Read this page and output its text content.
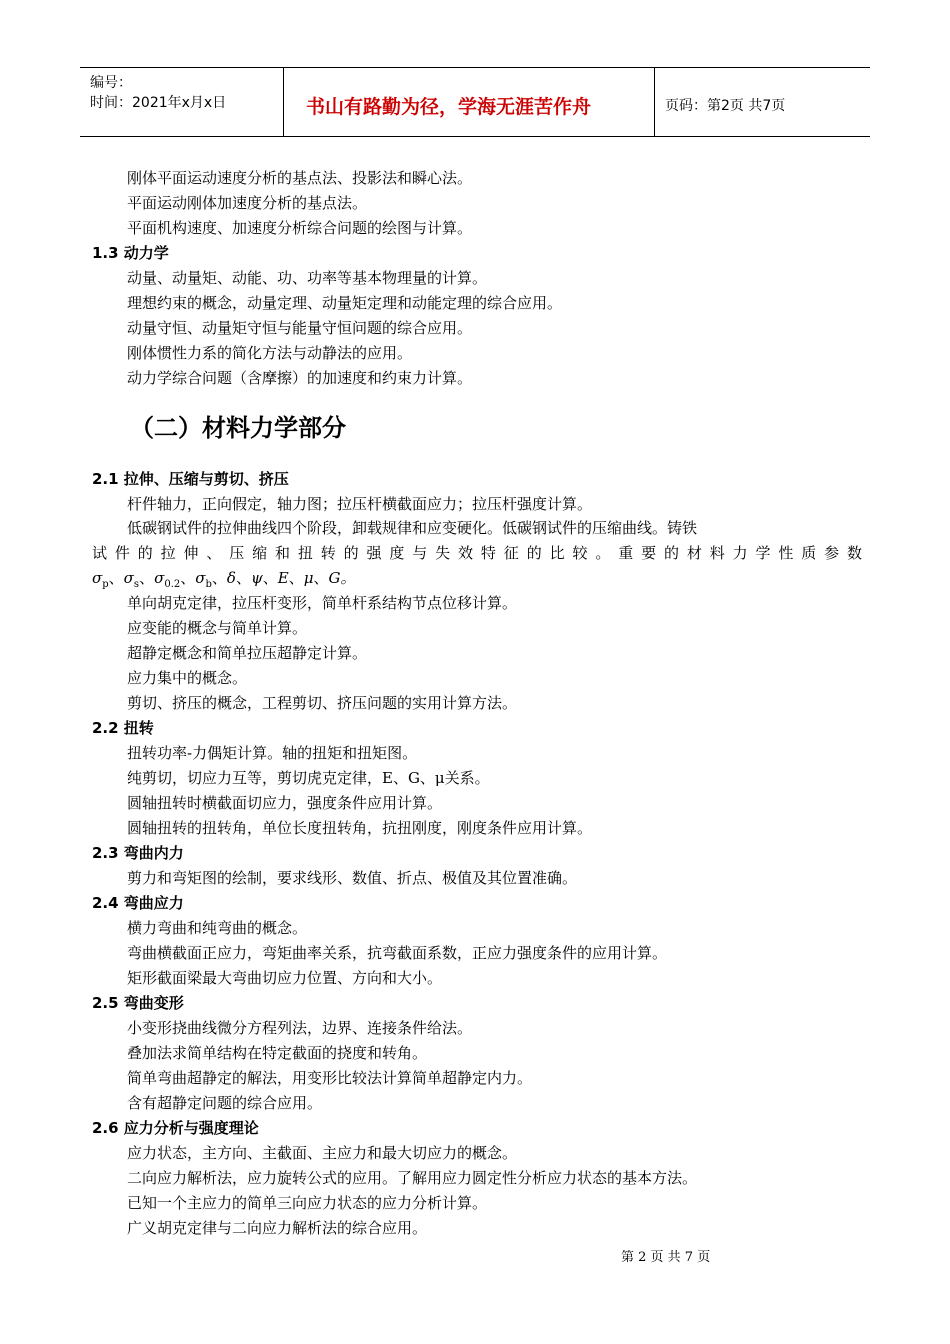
编号：
时间：2021年x月x日	书山有路勤为径，学海无涯苦作舟	页码：第2页 共7页
刚体平面运动速度分析的基点法、投影法和瞬心法。
平面运动刚体加速度分析的基点法。
平面机构速度、加速度分析综合问题的绘图与计算。
1.3 动力学
动量、动量矩、动能、功、功率等基本物理量的计算。
理想约束的概念，动量定理、动量矩定理和动能定理的综合应用。
动量守恒、动量矩守恒与能量守恒问题的综合应用。
刚体惯性力系的简化方法与动静法的应用。
动力学综合问题（含摩擦）的加速度和约束力计算。
（二）材料力学部分
2.1 拉伸、压缩与剪切、挤压
杆件轴力，正向假定，轴力图；拉压杆横截面应力；拉压杆强度计算。
低碳钢试件的拉伸曲线四个阶段，卸载规律和应变硬化。低碳钢试件的压缩曲线。铸铁
试件的拉伸、压缩和扭转的强度与失效特征的比较。重要的材料力学性质参数
$\sigma_p$、$\sigma_s$、$\sigma_{0.2}$、$\sigma_b$、δ、ψ、E、μ、G。
单向胡克定律，拉压杆变形，简单杆系结构节点位移计算。
应变能的概念与简单计算。
超静定概念和简单拉压超静定计算。
应力集中的概念。
剪切、挤压的概念，工程剪切、挤压问题的实用计算方法。
2.2 扭转
扭转功率-力偶矩计算。轴的扭矩和扭矩图。
纯剪切，切应力互等，剪切虎克定律，E、G、μ关系。
圆轴扭转时横截面切应力，强度条件应用计算。
圆轴扭转的扭转角，单位长度扭转角，抗扭刚度，刚度条件应用计算。
2.3 弯曲内力
剪力和弯矩图的绘制，要求线形、数值、折点、极值及其位置准确。
2.4 弯曲应力
横力弯曲和纯弯曲的概念。
弯曲横截面正应力，弯矩曲率关系，抗弯截面系数，正应力强度条件的应用计算。
矩形截面梁最大弯曲切应力位置、方向和大小。
2.5 弯曲变形
小变形挠曲线微分方程列法，边界、连接条件给法。
叠加法求简单结构在特定截面的挠度和转角。
简单弯曲超静定的解法，用变形比较法计算简单超静定内力。
含有超静定问题的综合应用。
2.6 应力分析与强度理论
应力状态，主方向、主截面、主应力和最大切应力的概念。
二向应力解析法，应力旋转公式的应用。了解用应力圆定性分析应力状态的基本方法。
已知一个主应力的简单三向应力状态的应力分析计算。
广义胡克定律与二向应力解析法的综合应用。
第 2 页 共 7 页
